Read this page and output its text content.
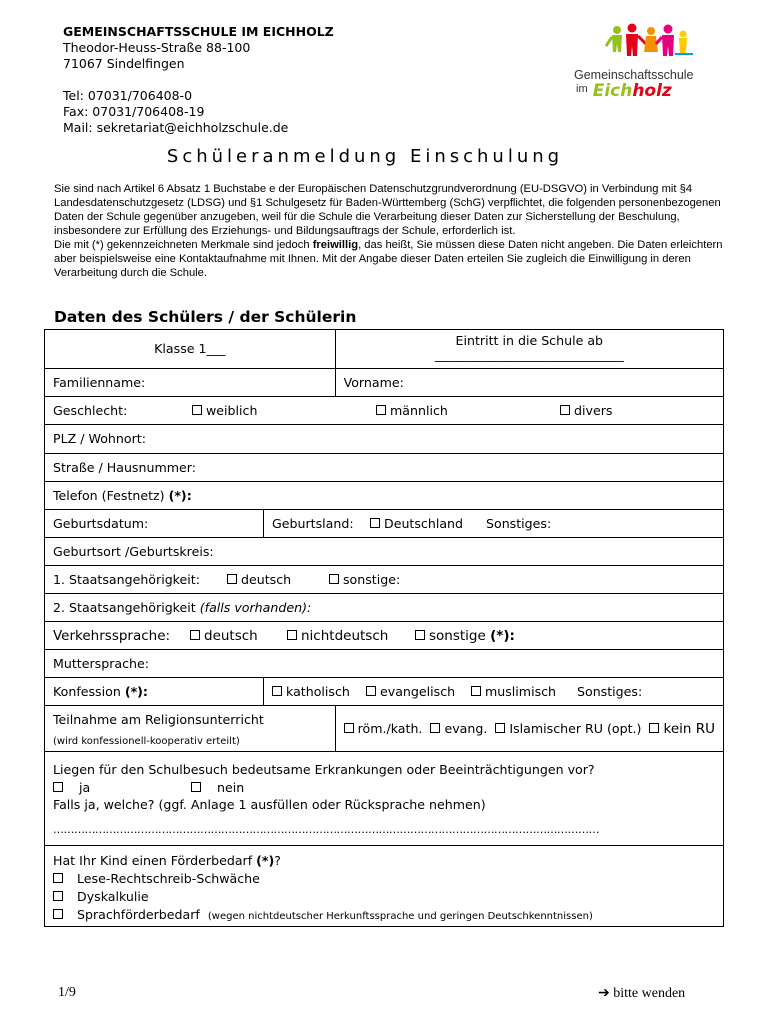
GEMEINSCHAFTSSCHULE IM EICHHOLZ
Theodor-Heuss-Straße 88-100
71067 Sindelfingen
Tel: 07031/706408-0
Fax: 07031/706408-19
Mail: sekretariat@eichholzschule.de
Gemeinschaftsschule
$^{im}$ Eichholz
Schüleranmeldung Einschulung
Sie sind nach Artikel 6 Absatz 1 Buchstabe e der Europäischen Datenschutzgrundverordnung (EU-DSGVO) in Verbindung mit §4 Landesdatenschutzgesetz (LDSG) und §1 Schulgesetz für Baden-Württemberg (SchG) verpflichtet, die folgenden personenbezogenen Daten der Schule gegenüber anzugeben, weil für die Schule die Verarbeitung dieser Daten zur Sicherstellung der Beschulung, insbesondere zur Erfüllung des Erziehungs- und Bildungsauftrags der Schule, erforderlich ist.
Die mit (*) gekennzeichneten Merkmale sind jedoch freiwillig, das heißt, Sie müssen diese Daten nicht angeben. Die Daten erleichtern aber beispielsweise eine Kontaktaufnahme mit Ihnen. Mit der Angabe dieser Daten erteilen Sie zugleich die Einwilligung in deren Verarbeitung durch die Schule.
Daten des Schülers / der Schülerin
Klasse 1___		Eintritt in die Schule ab
______________________________

Familienname:		Vorname:
Geschlecht: weiblich männlich divers		

PLZ / Wohnort:		
Straße / Hausnummer:		
Telefon (Festnetz) (*):		
Geburtsdatum:	Geburtsland: Deutschland Sonstiges:	

Geburtsort /Geburtskreis:		
1. Staatsangehörigkeit: deutsch sonstige:		

2. Staatsangehörigkeit (falls vorhanden):		
Verkehrssprache: deutsch nichtdeutsch sonstige (*):		

Muttersprache:		
Konfession (*):	katholisch evangelisch muslimisch Sonstiges:	

Teilnahme am Religionsunterricht
(wird konfessionell-kooperativ erteilt)		röm./kath. evang. Islamischer RU (opt.) kein RU

Liegen für den Schulbesuch bedeutsame Erkrankungen oder Beeinträchtigungen vor?
ja nein
Falls ja, welche? (ggf. Anlage 1 ausfüllen oder Rücksprache nehmen)
…………………………………………………………………………………………………………………………………………		

Hat Ihr Kind einen Förderbedarf (*)?
Lese-Rechtschreib-Schwäche
Dyskalkulie
Sprachförderbedarf (wegen nichtdeutscher Herkunftssprache und geringen Deutschkenntnissen)		
1/9	➔ bitte wenden
